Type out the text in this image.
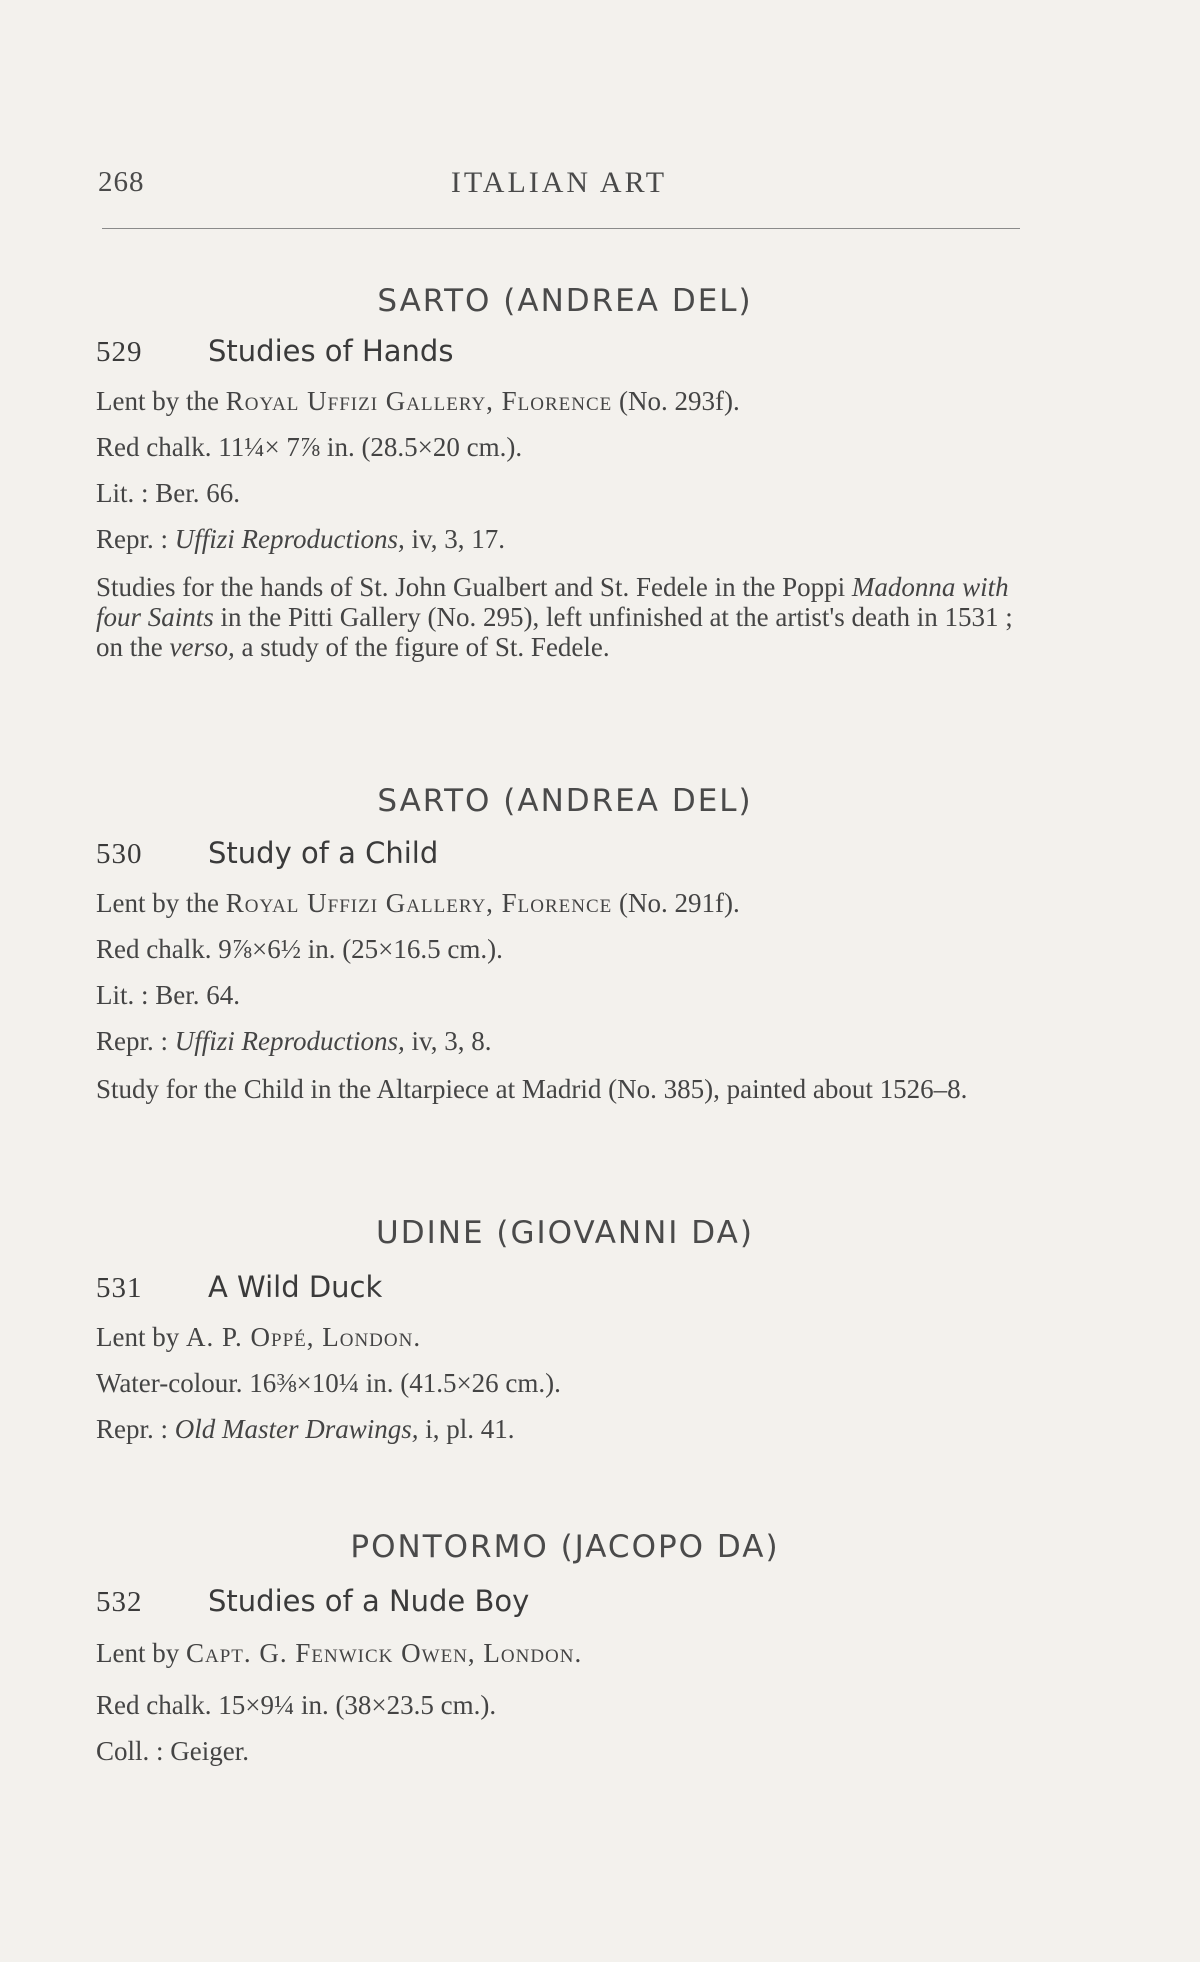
268	ITALIAN ART
SARTO (ANDREA DEL)
529 Studies of Hands
Lent by the Royal Uffizi Gallery, Florence (No. 293f).
Red chalk. 11¼× 7⅞ in. (28.5×20 cm.).
Lit. : Ber. 66.
Repr. : Uffizi Reproductions, iv, 3, 17.
Studies for the hands of St. John Gualbert and St. Fedele in the Poppi Madonna with four Saints in the Pitti Gallery (No. 295), left unfinished at the artist's death in 1531 ; on the verso, a study of the figure of St. Fedele.
SARTO (ANDREA DEL)
530 Study of a Child
Lent by the Royal Uffizi Gallery, Florence (No. 291f).
Red chalk. 9⅞×6½ in. (25×16.5 cm.).
Lit. : Ber. 64.
Repr. : Uffizi Reproductions, iv, 3, 8.
Study for the Child in the Altarpiece at Madrid (No. 385), painted about 1526–8.
UDINE (GIOVANNI DA)
531 A Wild Duck
Lent by A. P. Oppé, London.
Water-colour. 16⅜×10¼ in. (41.5×26 cm.).
Repr. : Old Master Drawings, i, pl. 41.
PONTORMO (JACOPO DA)
532 Studies of a Nude Boy
Lent by Capt. G. Fenwick Owen, London.
Red chalk. 15×9¼ in. (38×23.5 cm.).
Coll. : Geiger.
